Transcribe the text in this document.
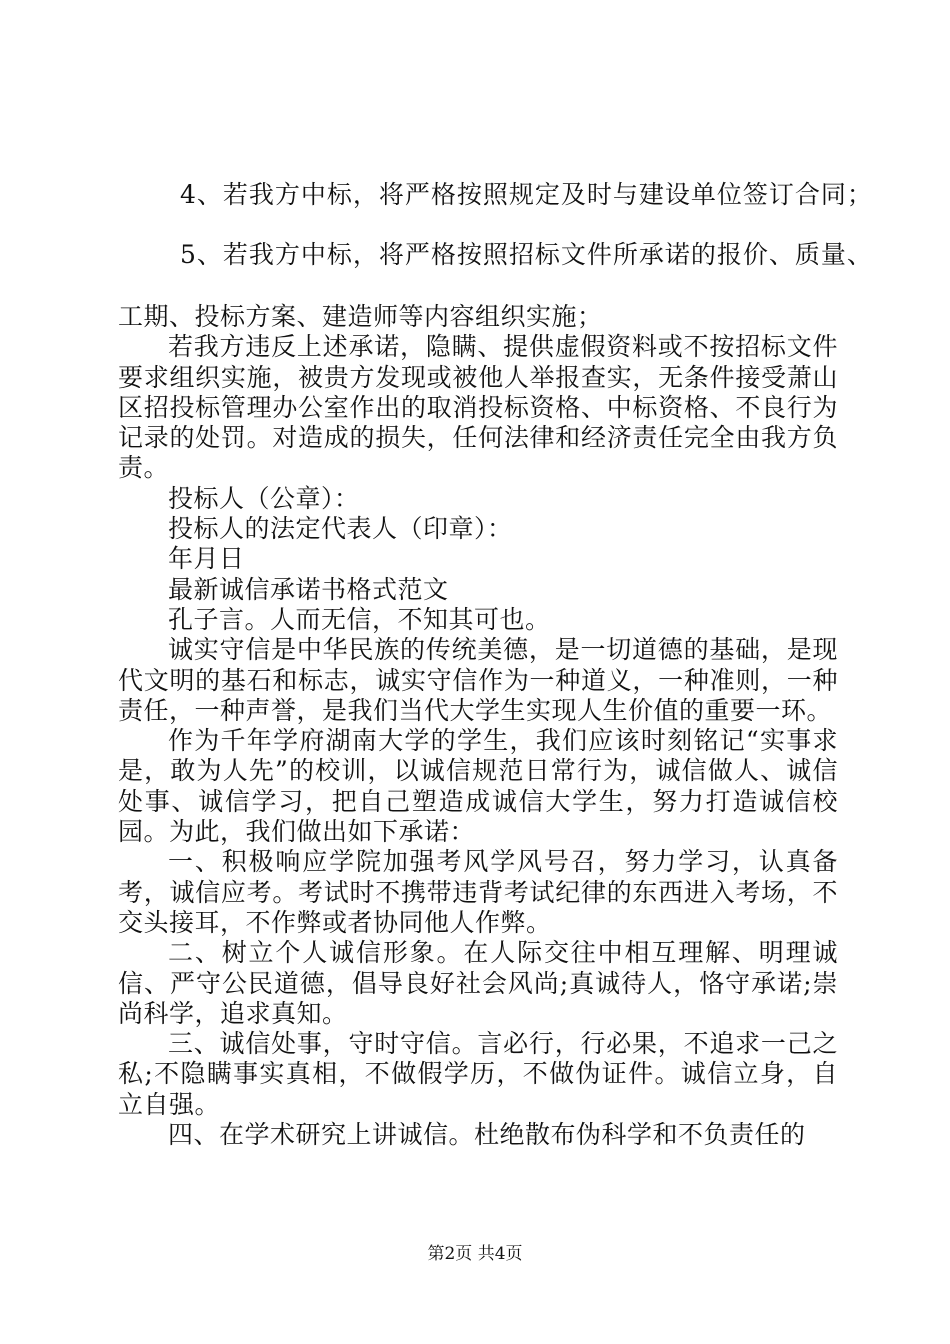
4、若我方中标，将严格按照规定及时与建设单位签订合同；
5、若我方中标，将严格按照招标文件所承诺的报价、质量、

工期、投标方案、建造师等内容组织实施；

若我方违反上述承诺，隐瞒、提供虚假资料或不按招标文件要求组织实施，被贵方发现或被他人举报查实，无条件接受萧山区招投标管理办公室作出的取消投标资格、中标资格、不良行为记录的处罚。对造成的损失，任何法律和经济责任完全由我方负责。

投标人（公章）：

投标人的法定代表人（印章）：

年月日

最新诚信承诺书格式范文

孔子言。人而无信，不知其可也。

诚实守信是中华民族的传统美德，是一切道德的基础，是现代文明的基石和标志，诚实守信作为一种道义，一种准则，一种责任，一种声誉，是我们当代大学生实现人生价值的重要一环。

作为千年学府湖南大学的学生，我们应该时刻铭记“实事求是，敢为人先”的校训，以诚信规范日常行为，诚信做人、诚信处事、诚信学习，把自己塑造成诚信大学生，努力打造诚信校园。为此，我们做出如下承诺：

一、积极响应学院加强考风学风号召，努力学习，认真备考，诚信应考。考试时不携带违背考试纪律的东西进入考场，不交头接耳，不作弊或者协同他人作弊。

二、树立个人诚信形象。在人际交往中相互理解、明理诚信、严守公民道德，倡导良好社会风尚;真诚待人，恪守承诺;崇尚科学，追求真知。

三、诚信处事，守时守信。言必行，行必果，不追求一己之私;不隐瞒事实真相，不做假学历，不做伪证件。诚信立身，自立自强。

四、在学术研究上讲诚信。杜绝散布伪科学和不负责任的

第2页 共4页
